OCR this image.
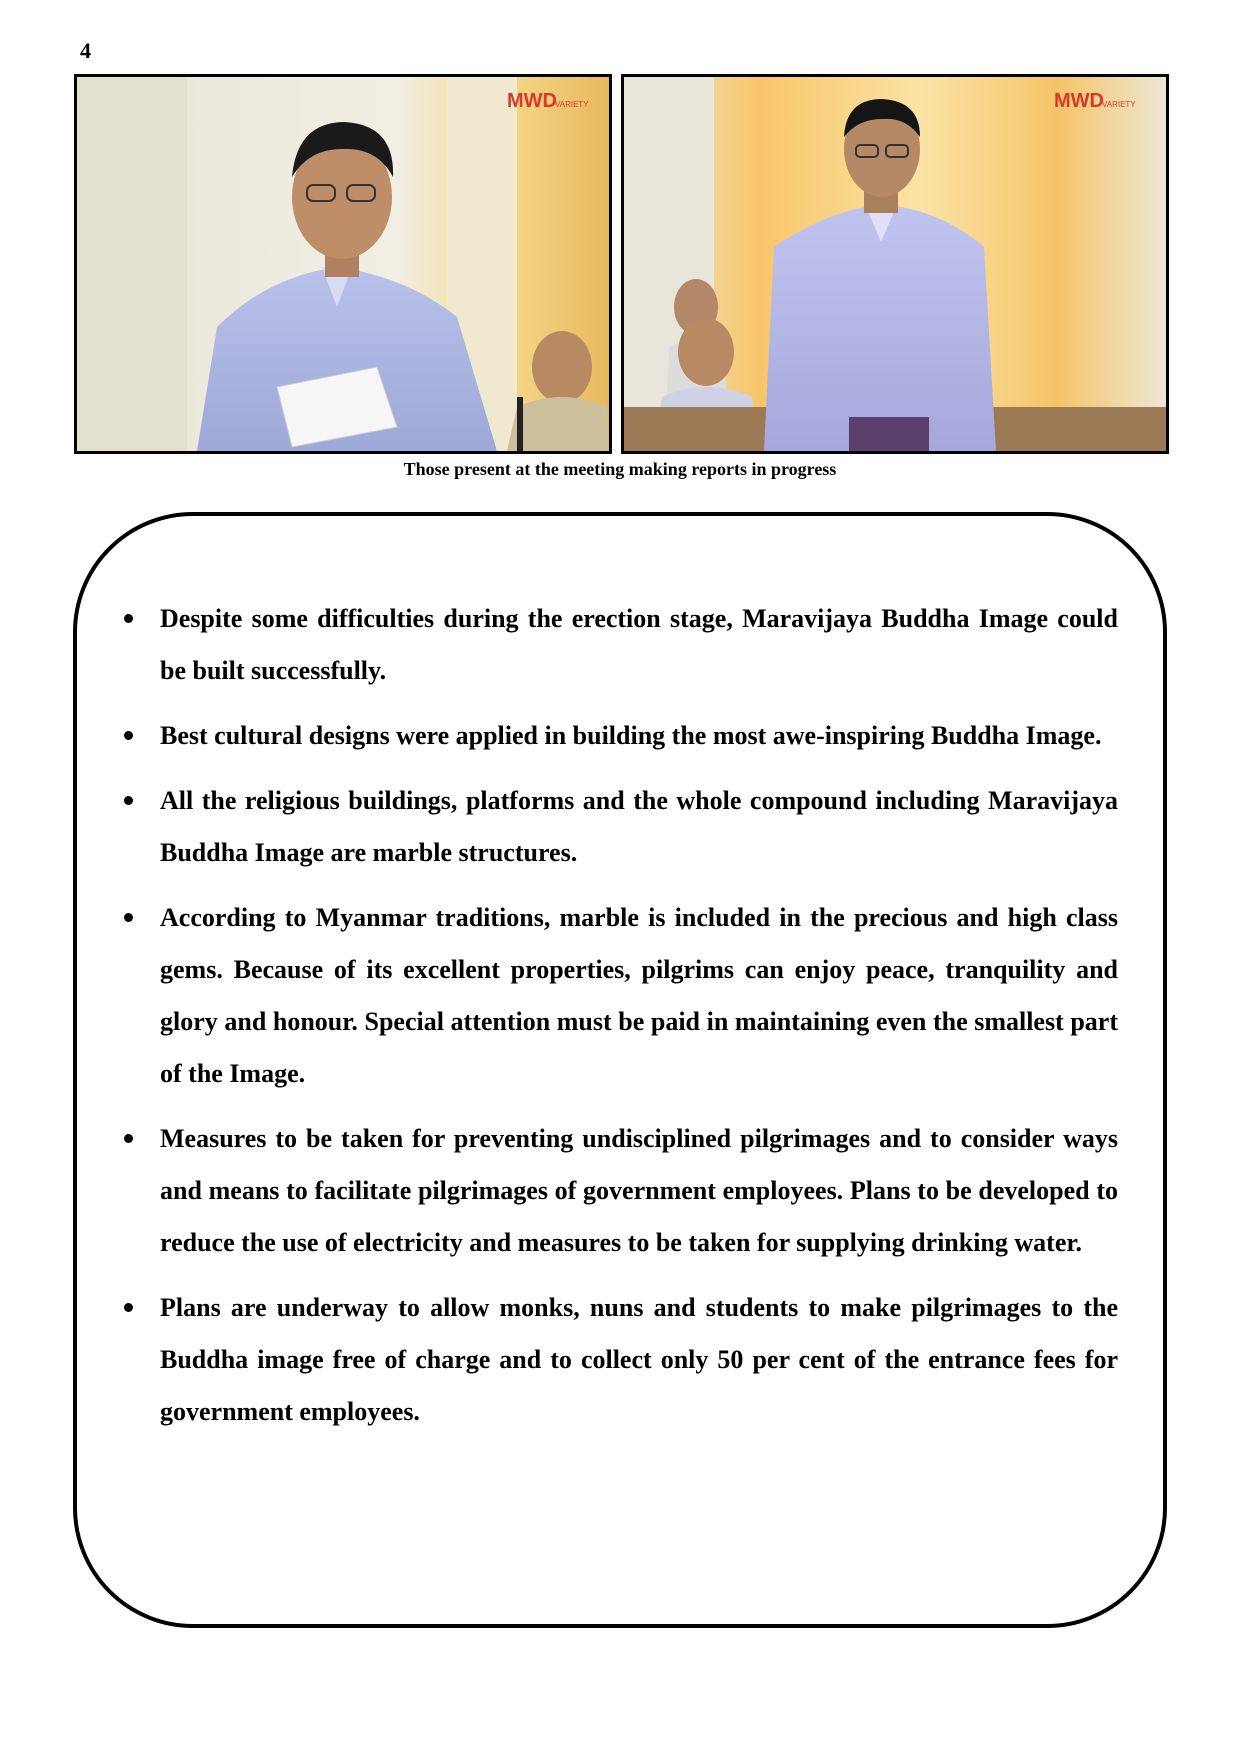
4
MWD
VARIETY	MWD
VARIETY
Those present at the meeting making reports in progress
Despite some difficulties during the erection stage, Maravijaya Buddha Image could be built successfully.
Best cultural designs were applied in building the most awe-inspiring Buddha Image.
All the religious buildings, platforms and the whole compound including Maravijaya Buddha Image are marble structures.
According to Myanmar traditions, marble is included in the precious and high class gems. Because of its excellent properties, pilgrims can enjoy peace, tranquility and glory and honour. Special attention must be paid in maintaining even the smallest part of the Image.
Measures to be taken for preventing undisciplined pilgrimages and to consider ways and means to facilitate pilgrimages of government employees. Plans to be developed to reduce the use of electricity and measures to be taken for supplying drinking water.
Plans are underway to allow monks, nuns and students to make pilgrimages to the Buddha image free of charge and to collect only 50 per cent of the entrance fees for government employees.
